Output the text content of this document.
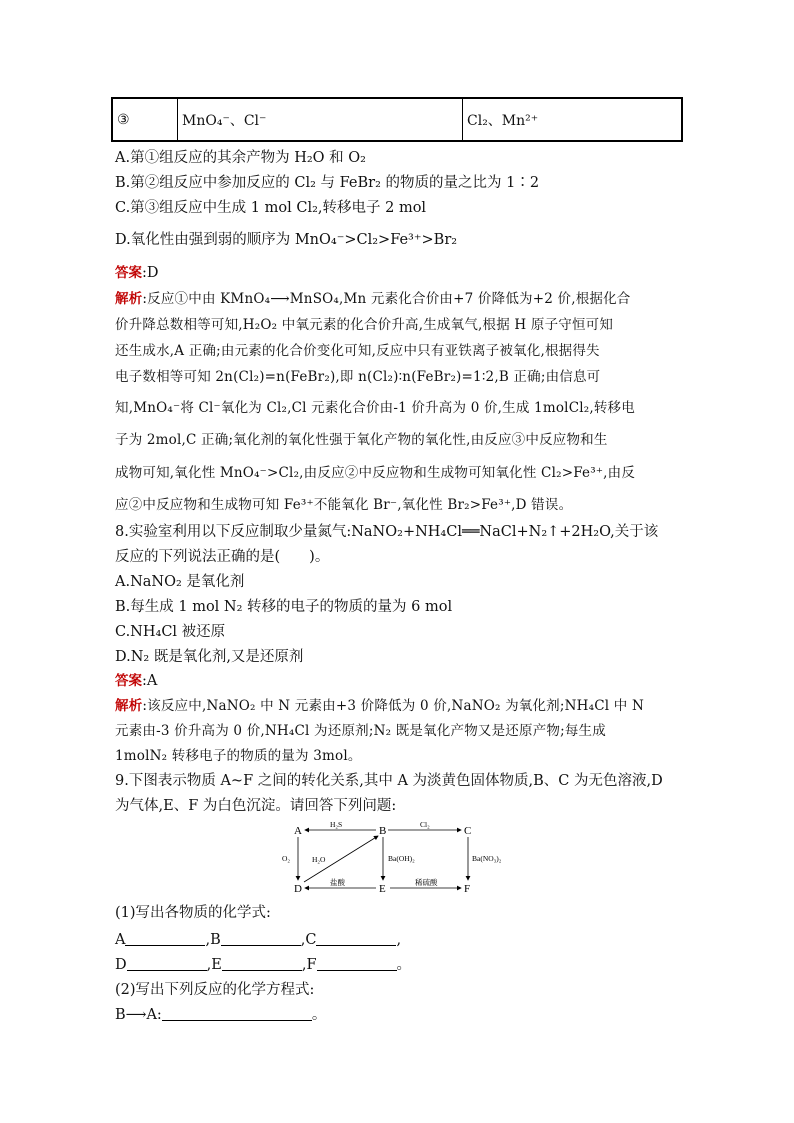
③	MnO₄⁻、Cl⁻	Cl₂、Mn²⁺
A.第①组反应的其余产物为 H₂O 和 O₂
B.第②组反应中参加反应的 Cl₂ 与 FeBr₂ 的物质的量之比为 1∶2
C.第③组反应中生成 1 mol Cl₂,转移电子 2 mol
D.氧化性由强到弱的顺序为 MnO₄⁻>Cl₂>Fe³⁺>Br₂
答案:D
解析:反应①中由 KMnO₄⟶MnSO₄,Mn 元素化合价由+7 价降低为+2 价,根据化合
价升降总数相等可知,H₂O₂ 中氧元素的化合价升高,生成氧气,根据 H 原子守恒可知
还生成水,A 正确;由元素的化合价变化可知,反应中只有亚铁离子被氧化,根据得失
电子数相等可知 2n(Cl₂)=n(FeBr₂),即 n(Cl₂)∶n(FeBr₂)=1∶2,B 正确;由信息可
知,MnO₄⁻将 Cl⁻氧化为 Cl₂,Cl 元素化合价由-1 价升高为 0 价,生成 1molCl₂,转移电
子为 2mol,C 正确;氧化剂的氧化性强于氧化产物的氧化性,由反应③中反应物和生
成物可知,氧化性 MnO₄⁻>Cl₂,由反应②中反应物和生成物可知氧化性 Cl₂>Fe³⁺,由反
应②中反应物和生成物可知 Fe³⁺不能氧化 Br⁻,氧化性 Br₂>Fe³⁺,D 错误。
8.实验室利用以下反应制取少量氮气:NaNO₂+NH₄Cl══NaCl+N₂↑+2H₂O,关于该
反应的下列说法正确的是(　　)。
A.NaNO₂ 是氧化剂
B.每生成 1 mol N₂ 转移的电子的物质的量为 6 mol
C.NH₄Cl 被还原
D.N₂ 既是氧化剂,又是还原剂
答案:A
解析:该反应中,NaNO₂ 中 N 元素由+3 价降低为 0 价,NaNO₂ 为氧化剂;NH₄Cl 中 N
元素由-3 价升高为 0 价,NH₄Cl 为还原剂;N₂ 既是氧化产物又是还原产物;每生成
1molN₂ 转移电子的物质的量为 3mol。
9.下图表示物质 A~F 之间的转化关系,其中 A 为淡黄色固体物质,B、C 为无色溶液,D
为气体,E、F 为白色沉淀。请回答下列问题:
A	B	C
D	E	F
H₂S	Cl₂
O₂	H₂O	Ba(OH)₂	Ba(NO₃)₂
盐酸	稀硫酸
(1)写出各物质的化学式:
A	,B	,C	,
D	,E	,F	。
(2)写出下列反应的化学方程式:
B⟶A:	。
